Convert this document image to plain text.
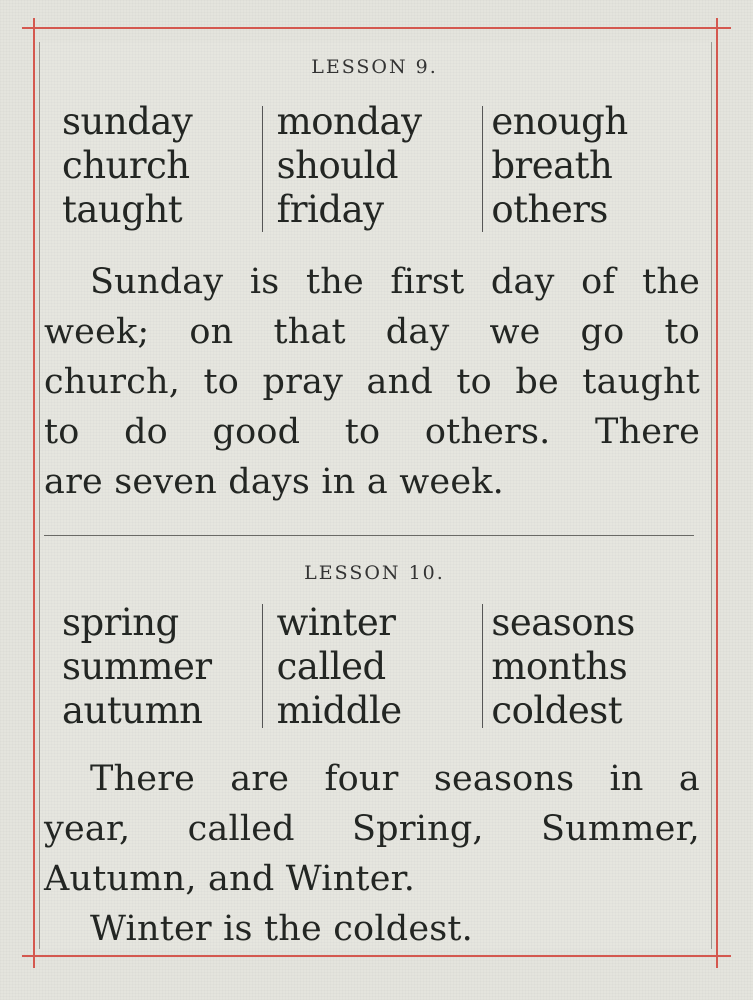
LESSON 9.
sunday
church
taught
monday
should
friday
enough
breath
others
Sunday is the first day of the
week; on that day we go to
church, to pray and to be taught
to do good to others. There
are seven days in a week.
LESSON 10.
spring
summer
autumn
winter
called
middle
seasons
months
coldest
There are four seasons in a
year, called Spring, Summer,
Autumn, and Winter.
Winter is the coldest.
